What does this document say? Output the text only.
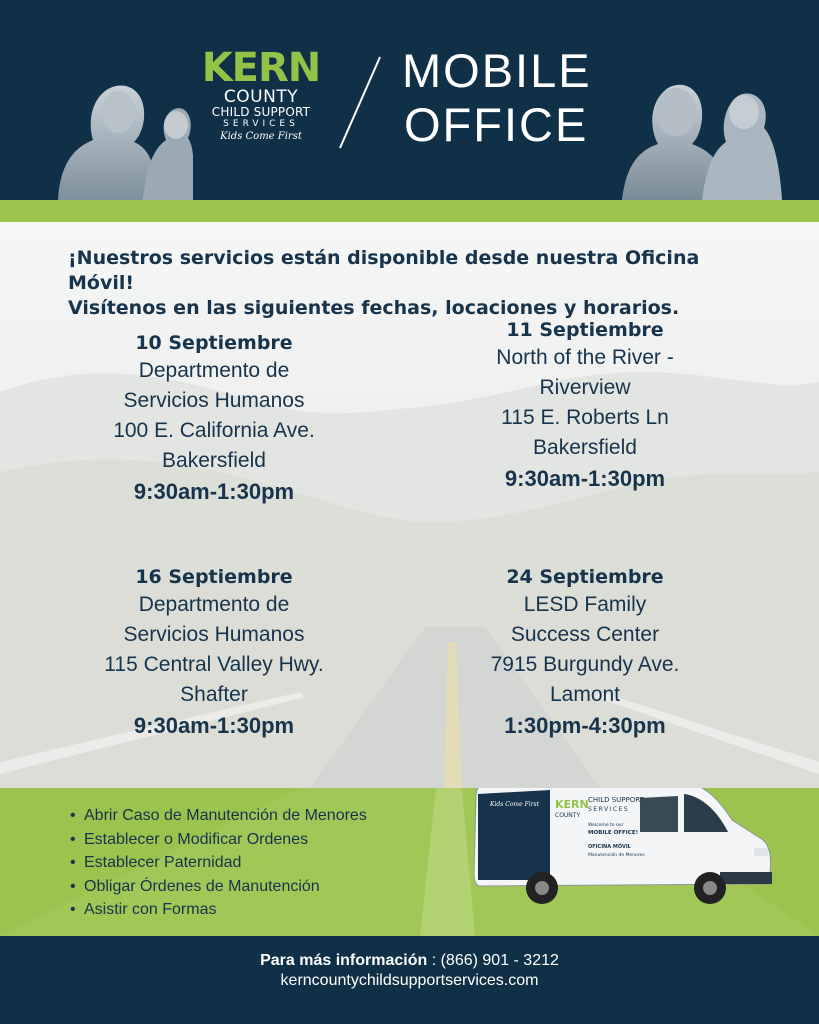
KERN
COUNTY
CHILD SUPPORT
SERVICES
Kids Come First
MOBILE
OFFICE
¡Nuestros servicios están disponible desde nuestra Oficina Móvil!
Visítenos en las siguientes fechas, locaciones y horarios.
10 Septiembre
Departmento de
Servicios Humanos
100 E. California Ave.
Bakersfield
9:30am-1:30pm
11 Septiembre
North of the River -
Riverview
115 E. Roberts Ln
Bakersfield
9:30am-1:30pm
16 Septiembre
Departmento de
Servicios Humanos
115 Central Valley Hwy.
Shafter
9:30am-1:30pm
24 Septiembre
LESD Family
Success Center
7915 Burgundy Ave.
Lamont
1:30pm-4:30pm
• Abrir Caso de Manutención de Menores
• Establecer o Modificar Ordenes
• Establecer Paternidad
• Obligar Órdenes de Manutención
• Asistir con Formas
KERN
COUNTY
CHILD SUPPORT
SERVICES
Kids Come First
Welcome to our
MOBILE OFFICE!
OFICINA MÓVIL
Manutención de Menores
Para más información : (866) 901 - 3212
kerncountychildsupportservices.com
